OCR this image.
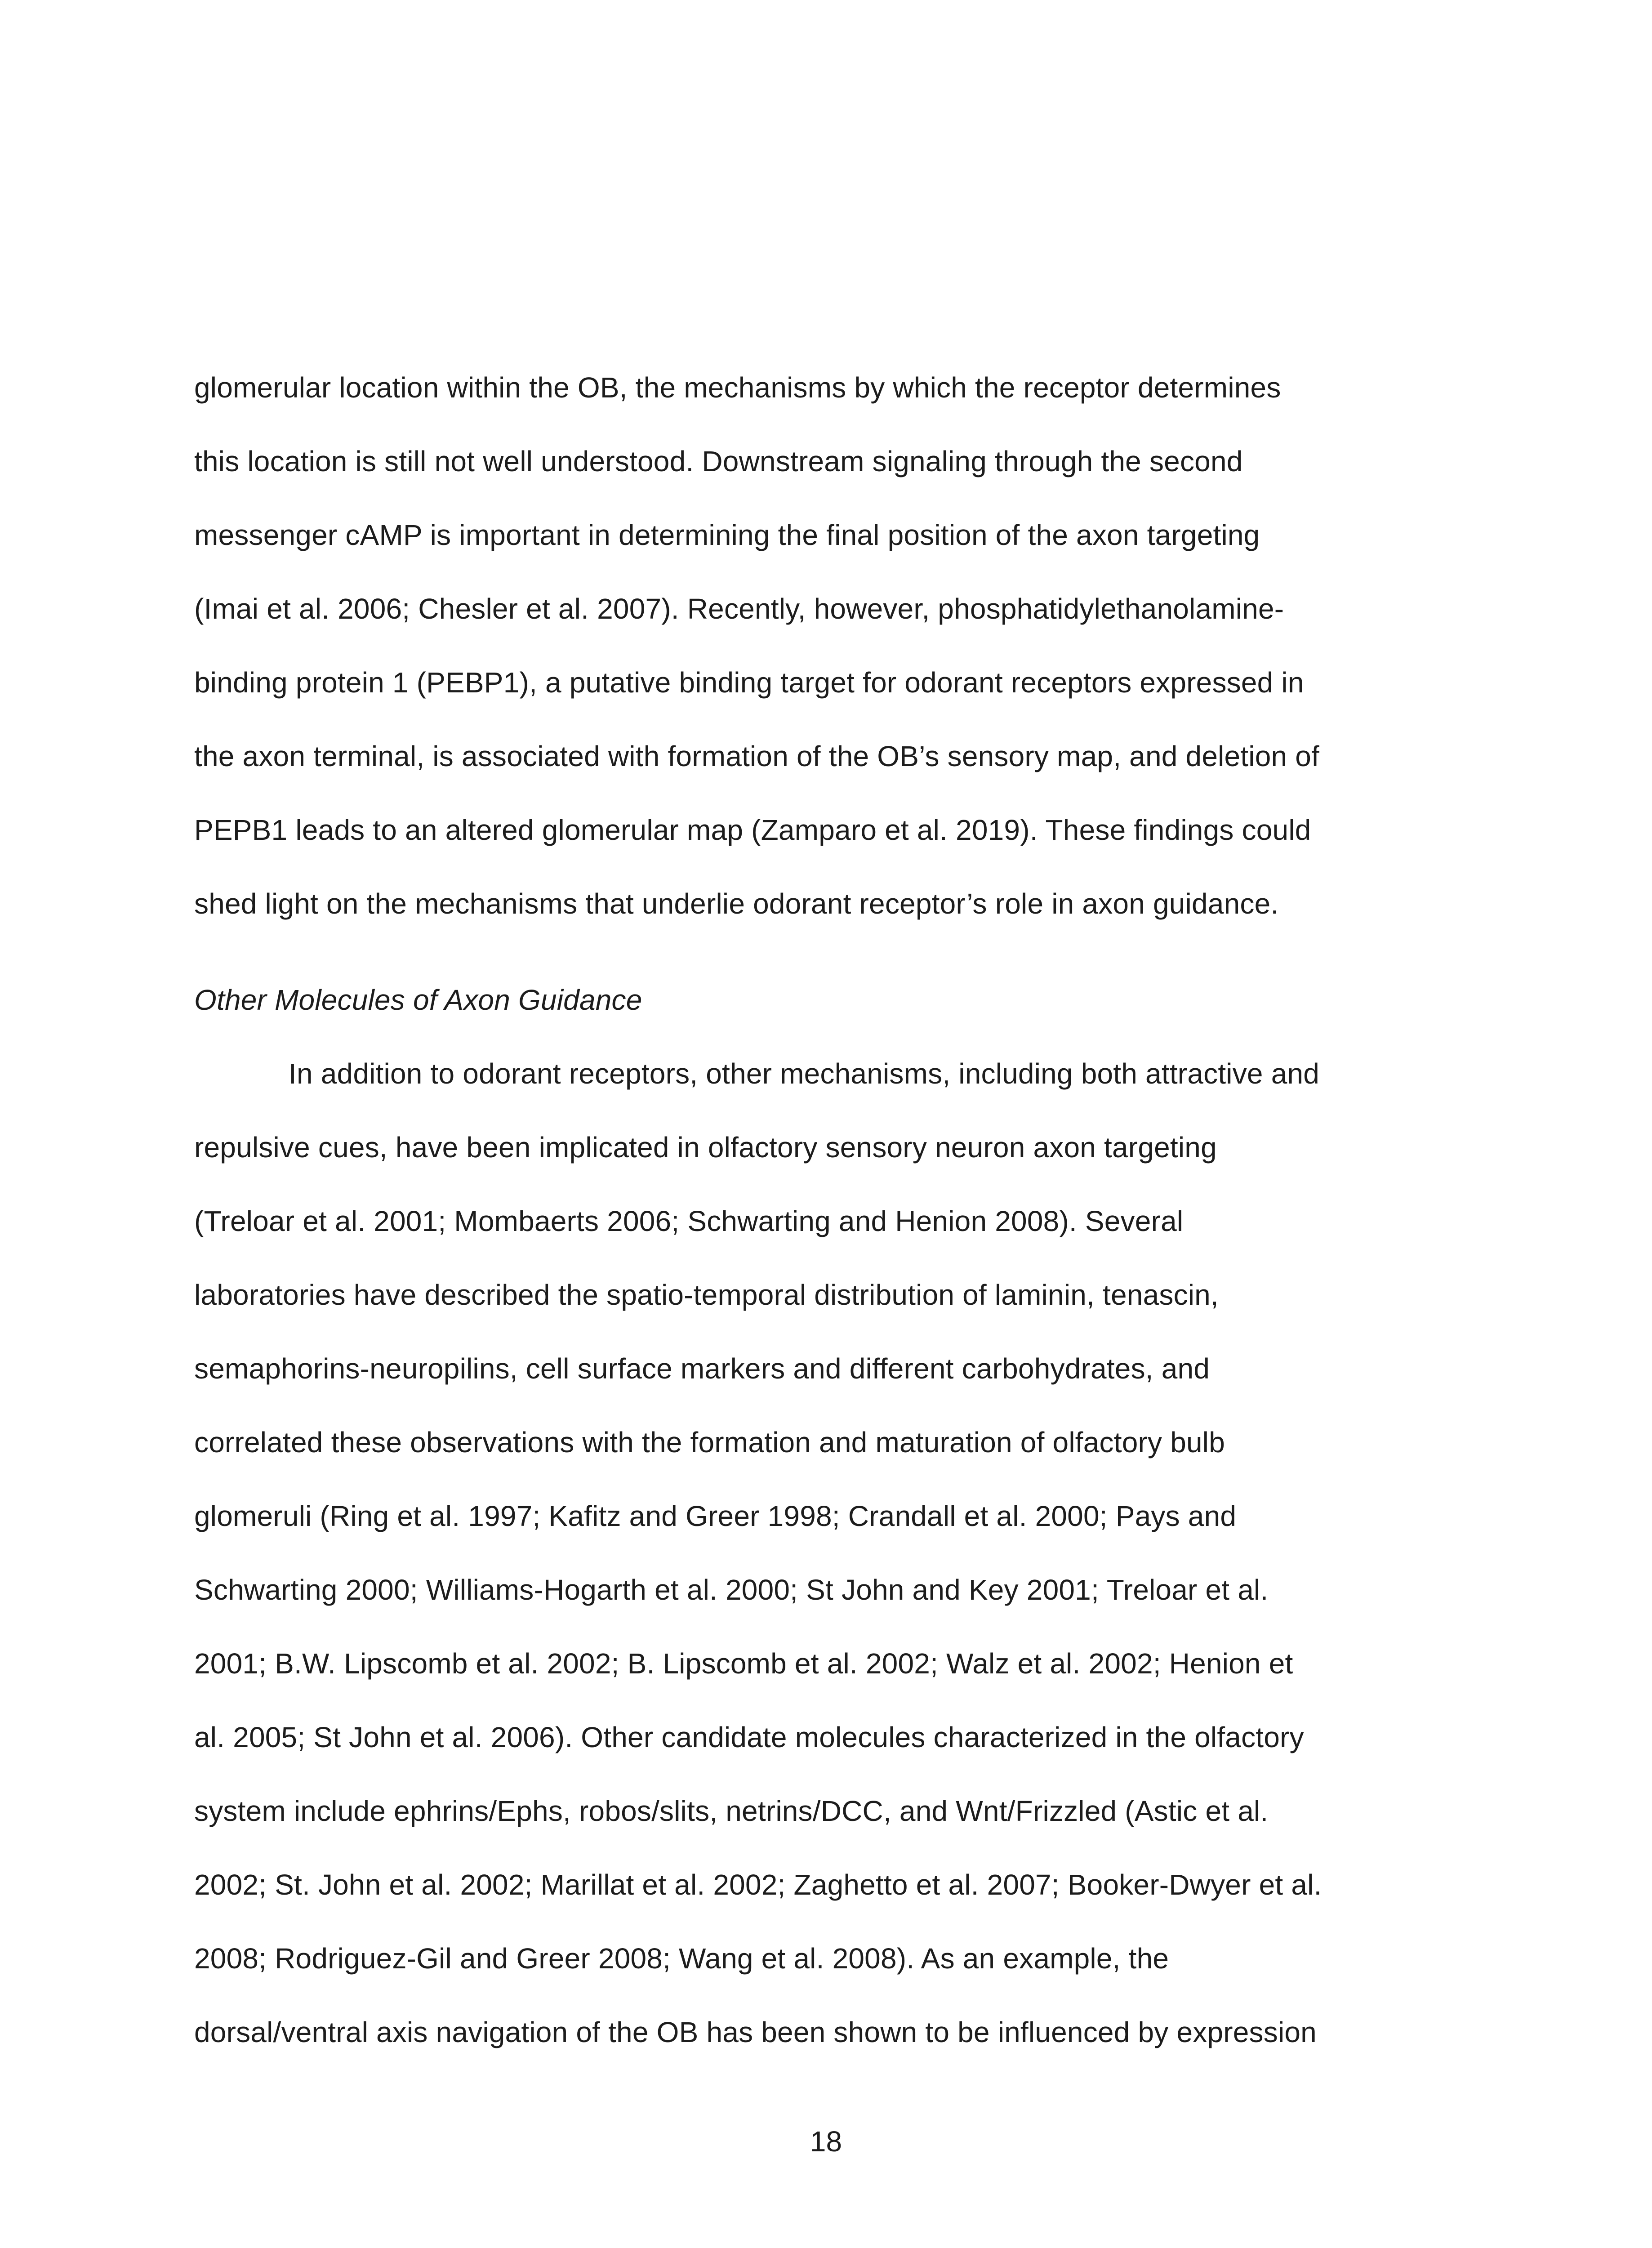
glomerular location within the OB, the mechanisms by which the receptor determines
this location is still not well understood. Downstream signaling through the second
messenger cAMP is important in determining the final position of the axon targeting
(Imai et al. 2006; Chesler et al. 2007). Recently, however, phosphatidylethanolamine-
binding protein 1 (PEBP1), a putative binding target for odorant receptors expressed in
the axon terminal, is associated with formation of the OB’s sensory map, and deletion of
PEPB1 leads to an altered glomerular map (Zamparo et al. 2019). These findings could
shed light on the mechanisms that underlie odorant receptor’s role in axon guidance.
Other Molecules of Axon Guidance
In addition to odorant receptors, other mechanisms, including both attractive and
repulsive cues, have been implicated in olfactory sensory neuron axon targeting
(Treloar et al. 2001; Mombaerts 2006; Schwarting and Henion 2008). Several
laboratories have described the spatio-temporal distribution of laminin, tenascin,
semaphorins-neuropilins, cell surface markers and different carbohydrates, and
correlated these observations with the formation and maturation of olfactory bulb
glomeruli (Ring et al. 1997; Kafitz and Greer 1998; Crandall et al. 2000; Pays and
Schwarting 2000; Williams-Hogarth et al. 2000; St John and Key 2001; Treloar et al.
2001; B.W. Lipscomb et al. 2002; B. Lipscomb et al. 2002; Walz et al. 2002; Henion et
al. 2005; St John et al. 2006). Other candidate molecules characterized in the olfactory
system include ephrins/Ephs, robos/slits, netrins/DCC, and Wnt/Frizzled (Astic et al.
2002; St. John et al. 2002; Marillat et al. 2002; Zaghetto et al. 2007; Booker-Dwyer et al.
2008; Rodriguez-Gil and Greer 2008; Wang et al. 2008). As an example, the
dorsal/ventral axis navigation of the OB has been shown to be influenced by expression
18
